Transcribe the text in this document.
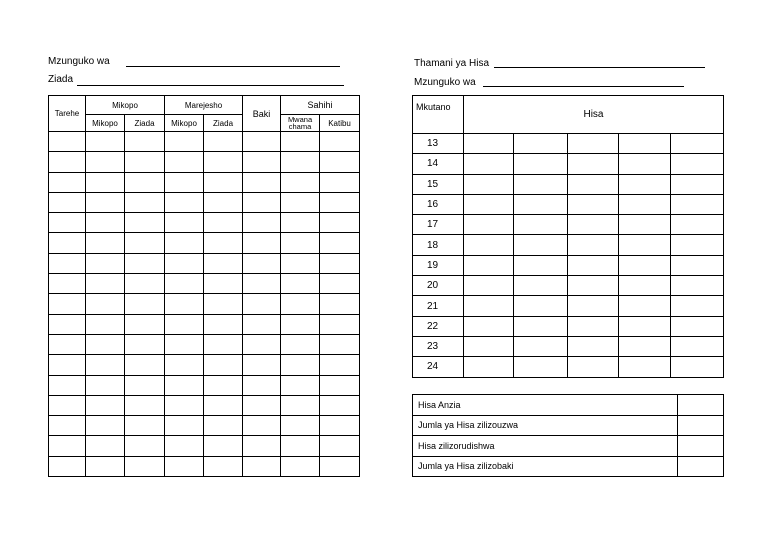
Mzunguko wa
Ziada
Thamani ya Hisa
Mzunguko wa
Tarehe	Mikopo		Marejesho		Baki	Sahihi	
	Mikopo	Ziada	Mikopo	Ziada		Mwana chama	Katibu

Mkutano	Hisa				
13					
14					
15					
16					
17					
18					
19					
20					
21					
22					
23					
24					
Hisa Anzia	
Jumla ya Hisa zilizouzwa	
Hisa zilizorudishwa	
Jumla ya Hisa zilizobaki	
